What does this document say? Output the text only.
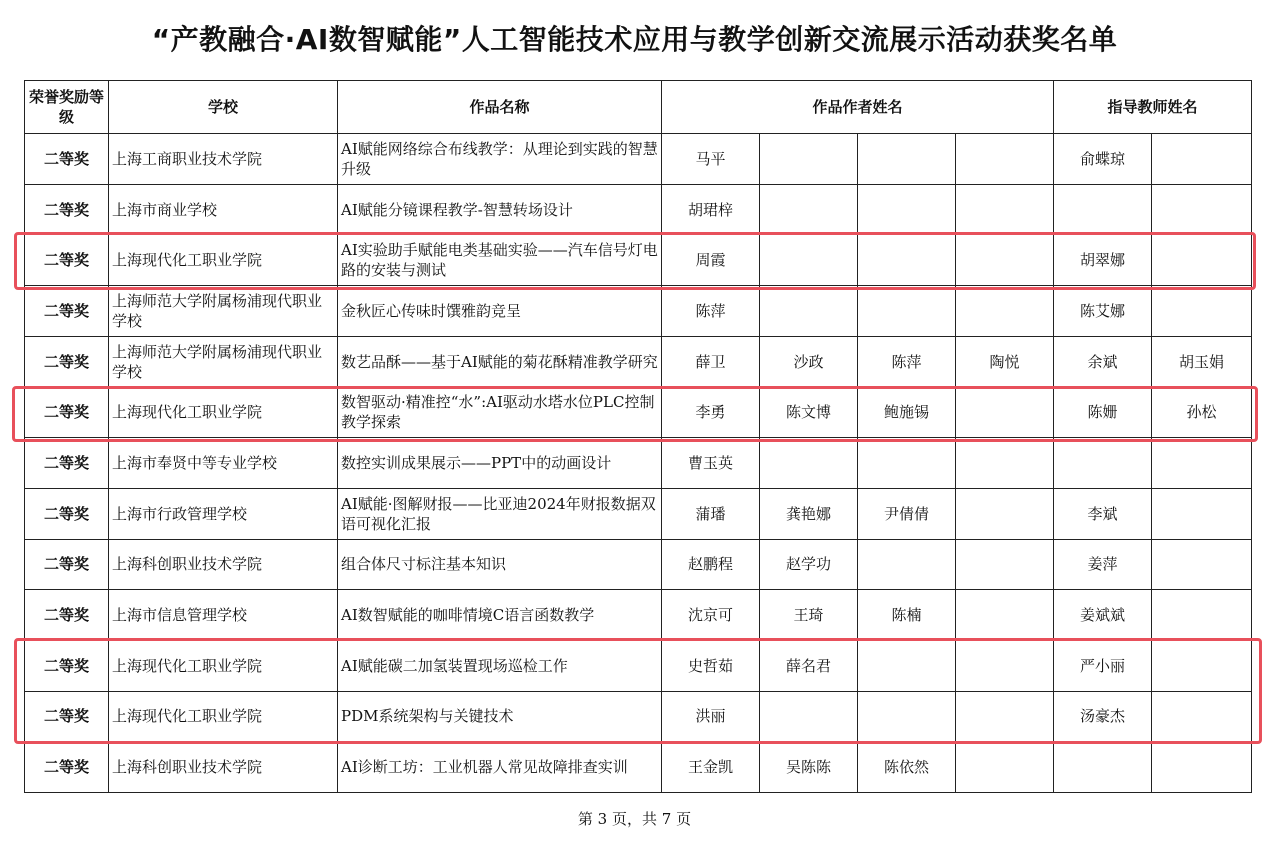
“产教融合·AI数智赋能”人工智能技术应用与教学创新交流展示活动获奖名单
荣誉奖励等级	学校	作品名称	作品作者姓名				指导教师姓名	
二等奖	上海工商职业技术学院	AI赋能网络综合布线教学：从理论到实践的智慧升级	马平				俞蝶琼	
二等奖	上海市商业学校	AI赋能分镜课程教学-智慧转场设计	胡珺梓					
二等奖	上海现代化工职业学院	AI实验助手赋能电类基础实验——汽车信号灯电路的安装与测试	周霞				胡翠娜	
二等奖	上海师范大学附属杨浦现代职业学校	金秋匠心传味时馔雅韵竞呈	陈萍				陈艾娜	
二等奖	上海师范大学附属杨浦现代职业学校	数艺品酥——基于AI赋能的菊花酥精准教学研究	薛卫	沙政	陈萍	陶悦	余斌	胡玉娟
二等奖	上海现代化工职业学院	数智驱动·精准控“水”:AI驱动水塔水位PLC控制教学探索	李勇	陈文博	鲍施锡		陈姗	孙松
二等奖	上海市奉贤中等专业学校	数控实训成果展示——PPT中的动画设计	曹玉英					
二等奖	上海市行政管理学校	AI赋能·图解财报——比亚迪2024年财报数据双语可视化汇报	蒲璠	龚艳娜	尹倩倩		李斌	
二等奖	上海科创职业技术学院	组合体尺寸标注基本知识	赵鹏程	赵学功			姜萍	
二等奖	上海市信息管理学校	AI数智赋能的咖啡情境C语言函数教学	沈京可	王琦	陈楠		姜斌斌	
二等奖	上海现代化工职业学院	AI赋能碳二加氢装置现场巡检工作	史哲茹	薛名君			严小丽	
二等奖	上海现代化工职业学院	PDM系统架构与关键技术	洪丽				汤豪杰	
二等奖	上海科创职业技术学院	AI诊断工坊：工业机器人常见故障排查实训	王金凯	吴陈陈	陈依然			
第 3 页，共 7 页
